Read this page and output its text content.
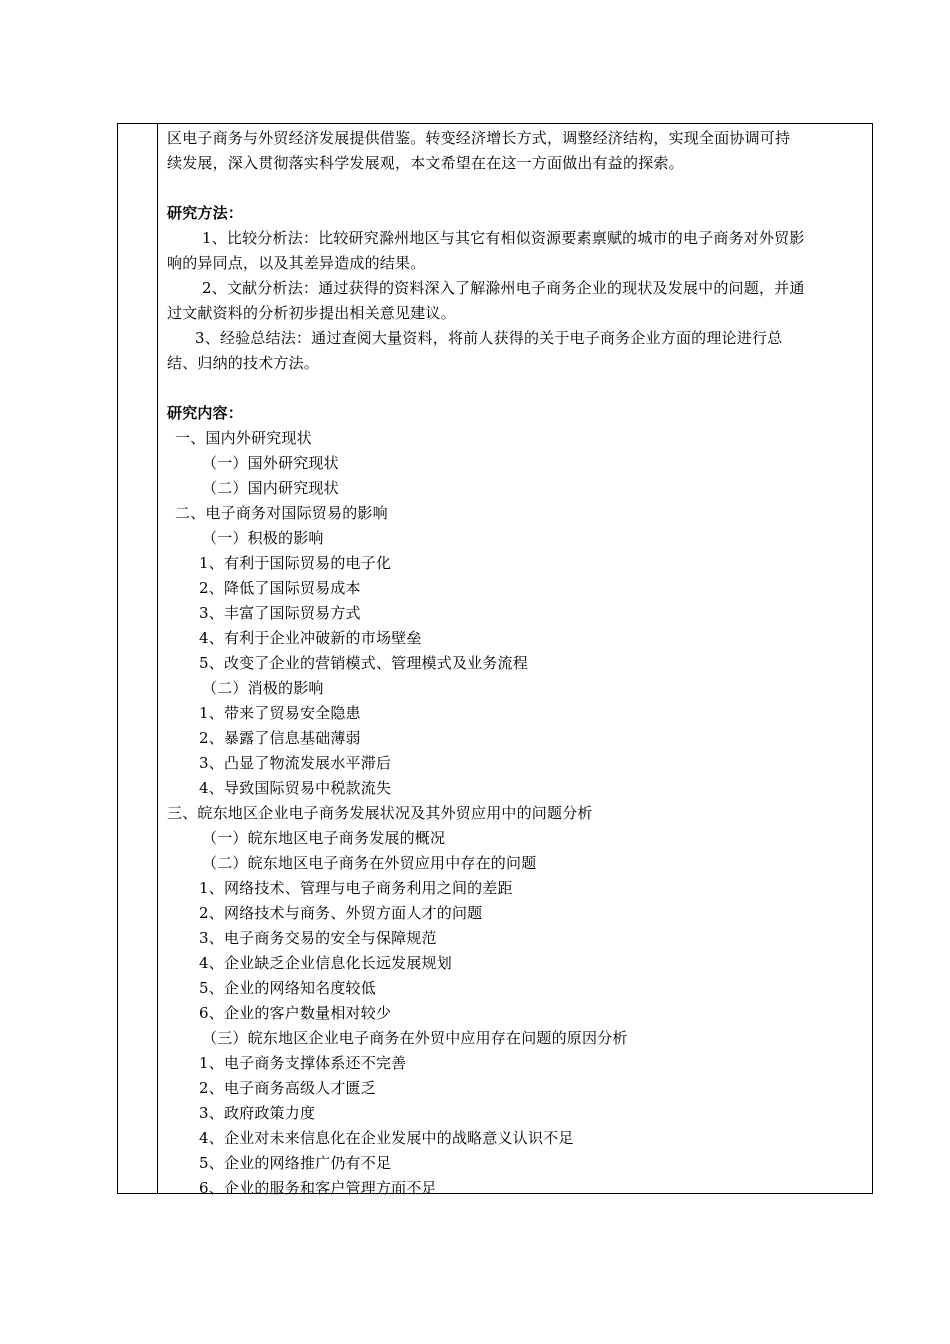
区电子商务与外贸经济发展提供借鉴。转变经济增长方式，调整经济结构，实现全面协调可持
续发展，深入贯彻落实科学发展观，本文希望在在这一方面做出有益的探索。
研究方法：
1、比较分析法：比较研究滁州地区与其它有相似资源要素禀赋的城市的电子商务对外贸影
响的异同点，以及其差异造成的结果。
2、文献分析法：通过获得的资料深入了解滁州电子商务企业的现状及发展中的问题，并通
过文献资料的分析初步提出相关意见建议。
3、经验总结法：通过查阅大量资料，将前人获得的关于电子商务企业方面的理论进行总
结、归纳的技术方法。
研究内容：
一、国内外研究现状
（一）国外研究现状
（二）国内研究现状
二、电子商务对国际贸易的影响
（一）积极的影响
1、有利于国际贸易的电子化
2、降低了国际贸易成本
3、丰富了国际贸易方式
4、有利于企业冲破新的市场壁垒
5、改变了企业的营销模式、管理模式及业务流程
（二）消极的影响
1、带来了贸易安全隐患
2、暴露了信息基础薄弱
3、凸显了物流发展水平滞后
4、导致国际贸易中税款流失
三、皖东地区企业电子商务发展状况及其外贸应用中的问题分析
（一）皖东地区电子商务发展的概况
（二）皖东地区电子商务在外贸应用中存在的问题
1、网络技术、管理与电子商务利用之间的差距
2、网络技术与商务、外贸方面人才的问题
3、电子商务交易的安全与保障规范
4、企业缺乏企业信息化长远发展规划
5、企业的网络知名度较低
6、企业的客户数量相对较少
（三）皖东地区企业电子商务在外贸中应用存在问题的原因分析
1、电子商务支撑体系还不完善
2、电子商务高级人才匮乏
3、政府政策力度
4、企业对未来信息化在企业发展中的战略意义认识不足
5、企业的网络推广仍有不足
6、企业的服务和客户管理方面不足
